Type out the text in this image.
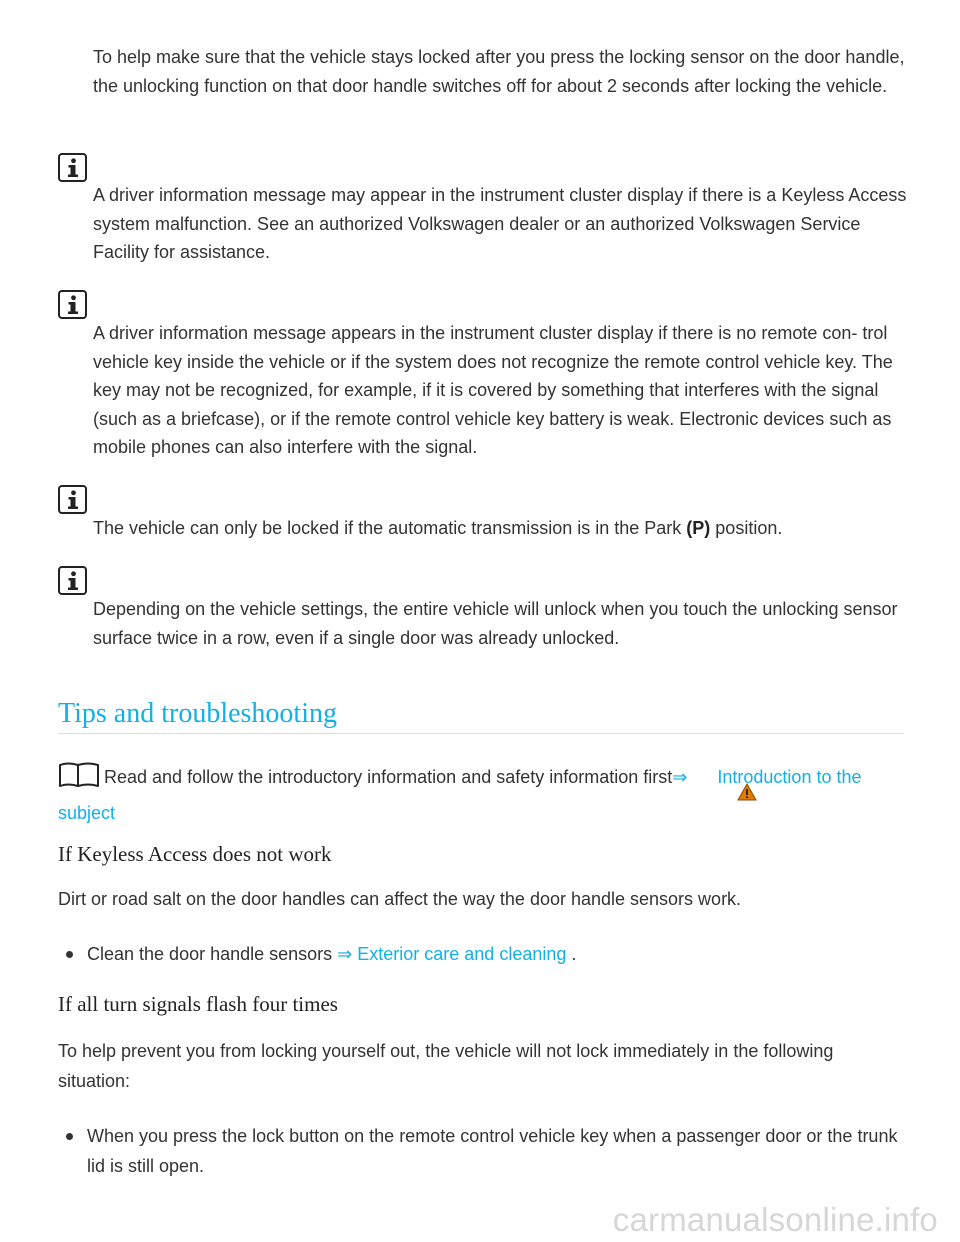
To help make sure that the vehicle stays locked after you press the locking sensor on the door handle, the unlocking function on that door handle switches off for about 2 seconds after locking the vehicle.

A driver information message may appear in the instrument cluster display if there is a Keyless Access system malfunction. See an authorized Volkswagen dealer or an authorized Volkswagen Service Facility for assistance.

A driver information message appears in the instrument cluster display if there is no remote con- trol vehicle key inside the vehicle or if the system does not recognize the remote control vehicle key. The key may not be recognized, for example, if it is covered by something that interferes with the signal (such as a briefcase), or if the remote control vehicle key battery is weak. Electronic devices such as mobile phones can also interfere with the signal.

The vehicle can only be locked if the automatic transmission is in the Park (P) position.

Depending on the vehicle settings, the entire vehicle will unlock when you touch the unlocking sensor surface twice in a row, even if a single door was already unlocked.

Tips and troubleshooting
Read and follow the introductory information and safety information first⇒ Introduction to the subject
If Keyless Access does not work

Dirt or road salt on the door handles can affect the way the door handle sensors work.

Clean the door handle sensors ⇒ Exterior care and cleaning .

If all turn signals flash four times

To help prevent you from locking yourself out, the vehicle will not lock immediately in the following situation:

When you press the lock button on the remote control vehicle key when a passenger door or the trunk lid is still open.

carmanualsonline.info
